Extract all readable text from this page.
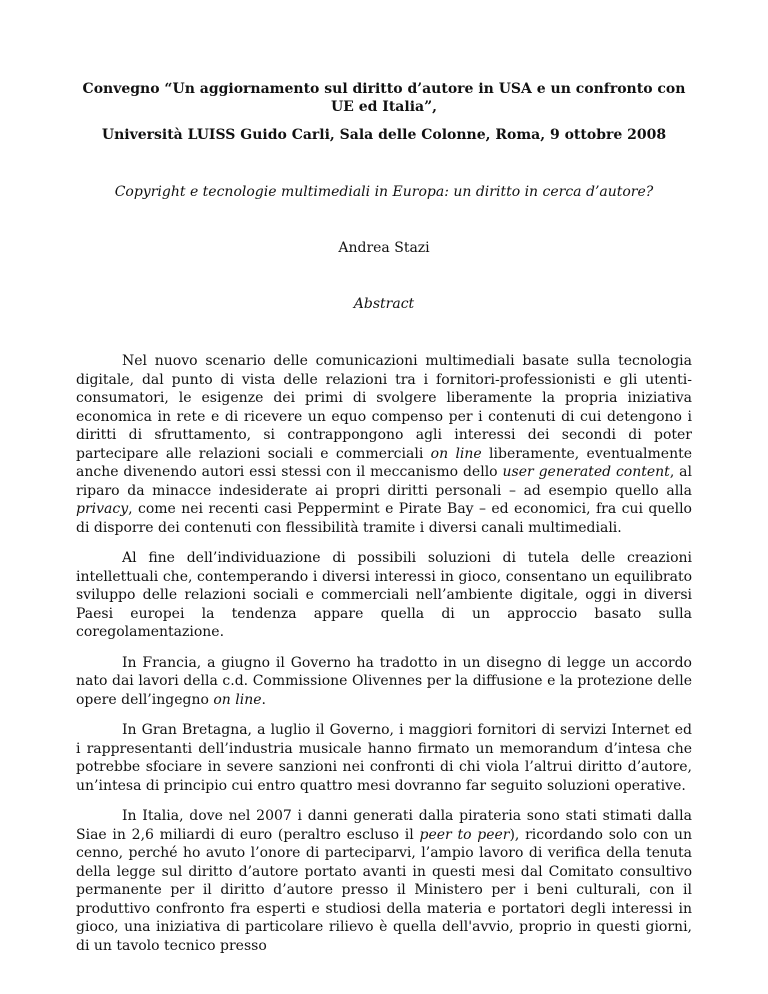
Convegno “Un aggiornamento sul diritto d’autore in USA e un confronto con UE ed Italia”,

Università LUISS Guido Carli, Sala delle Colonne, Roma, 9 ottobre 2008

Copyright e tecnologie multimediali in Europa: un diritto in cerca d’autore?

Andrea Stazi

Abstract

Nel nuovo scenario delle comunicazioni multimediali basate sulla tecnologia digitale, dal punto di vista delle relazioni tra i fornitori-professionisti e gli utenti-consumatori, le esigenze dei primi di svolgere liberamente la propria iniziativa economica in rete e di ricevere un equo compenso per i contenuti di cui detengono i diritti di sfruttamento, si contrappongono agli interessi dei secondi di poter partecipare alle relazioni sociali e commerciali on line liberamente, eventualmente anche divenendo autori essi stessi con il meccanismo dello user generated content, al riparo da minacce indesiderate ai propri diritti personali – ad esempio quello alla privacy, come nei recenti casi Peppermint e Pirate Bay – ed economici, fra cui quello di disporre dei contenuti con flessibilità tramite i diversi canali multimediali.

Al fine dell’individuazione di possibili soluzioni di tutela delle creazioni intellettuali che, contemperando i diversi interessi in gioco, consentano un equilibrato sviluppo delle relazioni sociali e commerciali nell’ambiente digitale, oggi in diversi Paesi europei la tendenza appare quella di un approccio basato sulla coregolamentazione.

In Francia, a giugno il Governo ha tradotto in un disegno di legge un accordo nato dai lavori della c.d. Commissione Olivennes per la diffusione e la protezione delle opere dell’ingegno on line.

In Gran Bretagna, a luglio il Governo, i maggiori fornitori di servizi Internet ed i rappresentanti dell’industria musicale hanno firmato un memorandum d’intesa che potrebbe sfociare in severe sanzioni nei confronti di chi viola l’altrui diritto d’autore, un’intesa di principio cui entro quattro mesi dovranno far seguito soluzioni operative.

In Italia, dove nel 2007 i danni generati dalla pirateria sono stati stimati dalla Siae in 2,6 miliardi di euro (peraltro escluso il peer to peer), ricordando solo con un cenno, perché ho avuto l’onore di parteciparvi, l’ampio lavoro di verifica della tenuta della legge sul diritto d’autore portato avanti in questi mesi dal Comitato consultivo permanente per il diritto d’autore presso il Ministero per i beni culturali, con il produttivo confronto fra esperti e studiosi della materia e portatori degli interessi in gioco, una iniziativa di particolare rilievo è quella dell'avvio, proprio in questi giorni, di un tavolo tecnico presso
